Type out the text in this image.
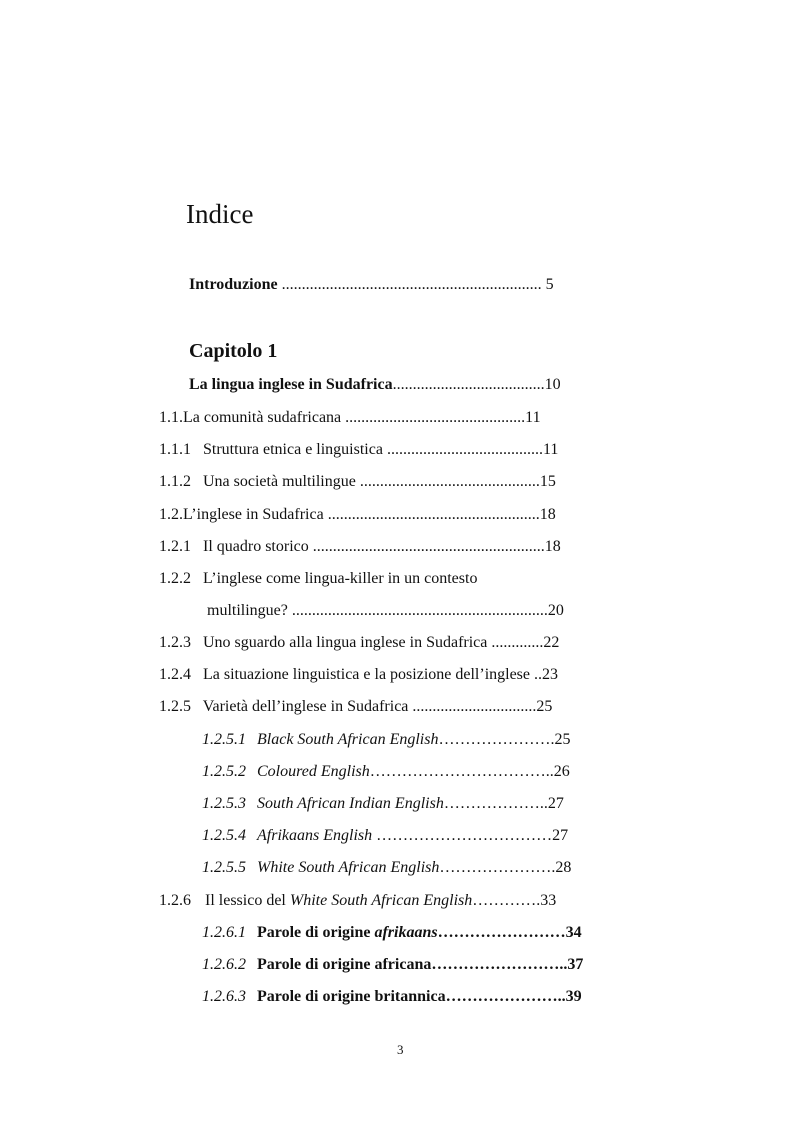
Indice
Introduzione ................................................................. 5
Capitolo 1
La lingua inglese in Sudafrica......................................10
1.1.La comunità sudafricana .............................................11
1.1.1   Struttura etnica e linguistica .......................................11
1.1.2   Una società multilingue .............................................15
1.2.L’inglese in Sudafrica .....................................................18
1.2.1   Il quadro storico ..........................................................18
1.2.2   L’inglese come lingua-killer in un contesto
multilingue? ................................................................20
1.2.3   Uno sguardo alla lingua inglese in Sudafrica .............22
1.2.4   La situazione linguistica e la posizione dell’inglese ..23
1.2.5   Varietà dell’inglese in Sudafrica ...............................25
1.2.5.1 Black South African English………………….25
1.2.5.2 Coloured English……………………………..26
1.2.5.3 South African Indian English………………..27
1.2.5.4 Afrikaans English ……………………………27
1.2.5.5 White South African English………………….28
1.2.6 Il lessico del White South African English………….33
1.2.6.1 Parole di origine afrikaans……………………34
1.2.6.2 Parole di origine africana……………………..37
1.2.6.3 Parole di origine britannica…………………..39
3
